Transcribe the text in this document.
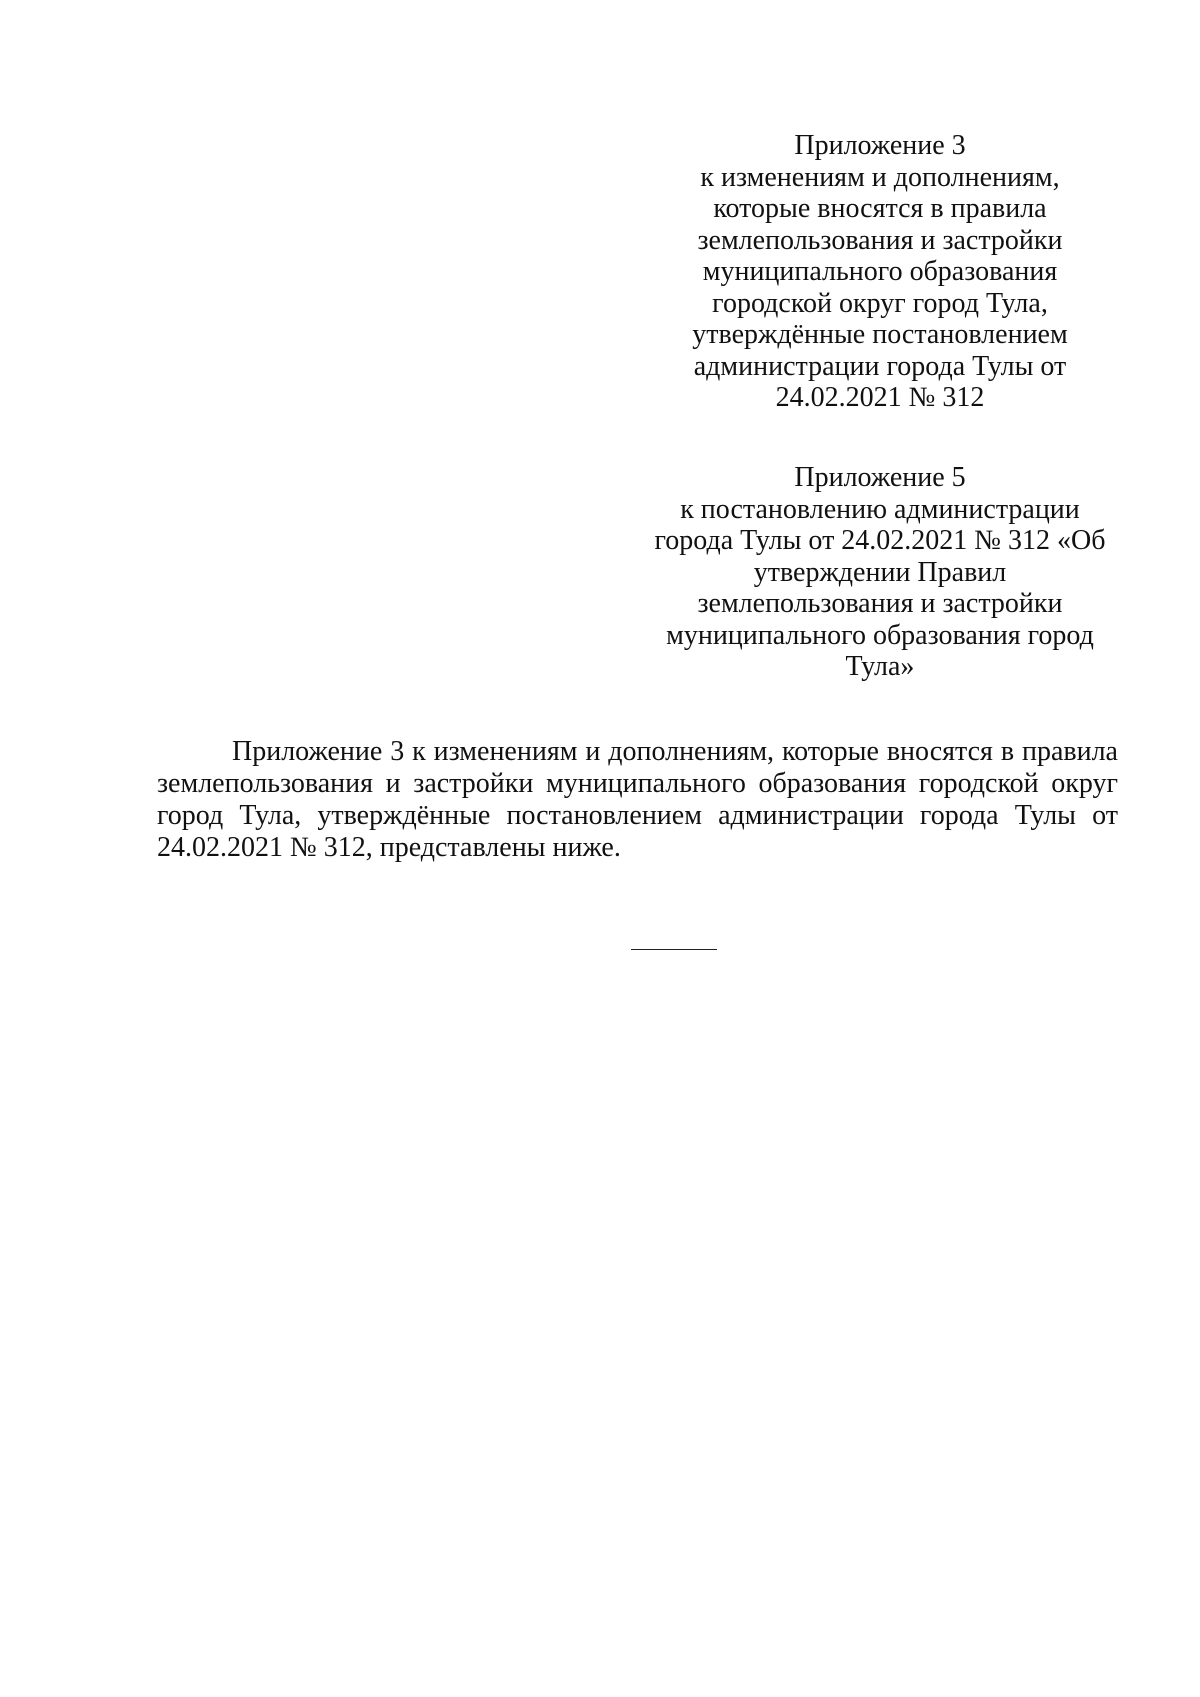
Приложение 3
к изменениям и дополнениям,
которые вносятся в правила
землепользования и застройки
муниципального образования
городской округ город Тула,
утверждённые постановлением
администрации города Тулы от
24.02.2021 № 312
Приложение 5
к постановлению администрации
города Тулы от 24.02.2021 № 312 «Об
утверждении Правил
землепользования и застройки
муниципального образования город
Тула»

Приложение 3 к изменениям и дополнениям, которые вносятся в правила землепользования и застройки муниципального образования городской округ город Тула, утверждённые постановлением администрации города Тулы от 24.02.2021 № 312, представлены ниже.
